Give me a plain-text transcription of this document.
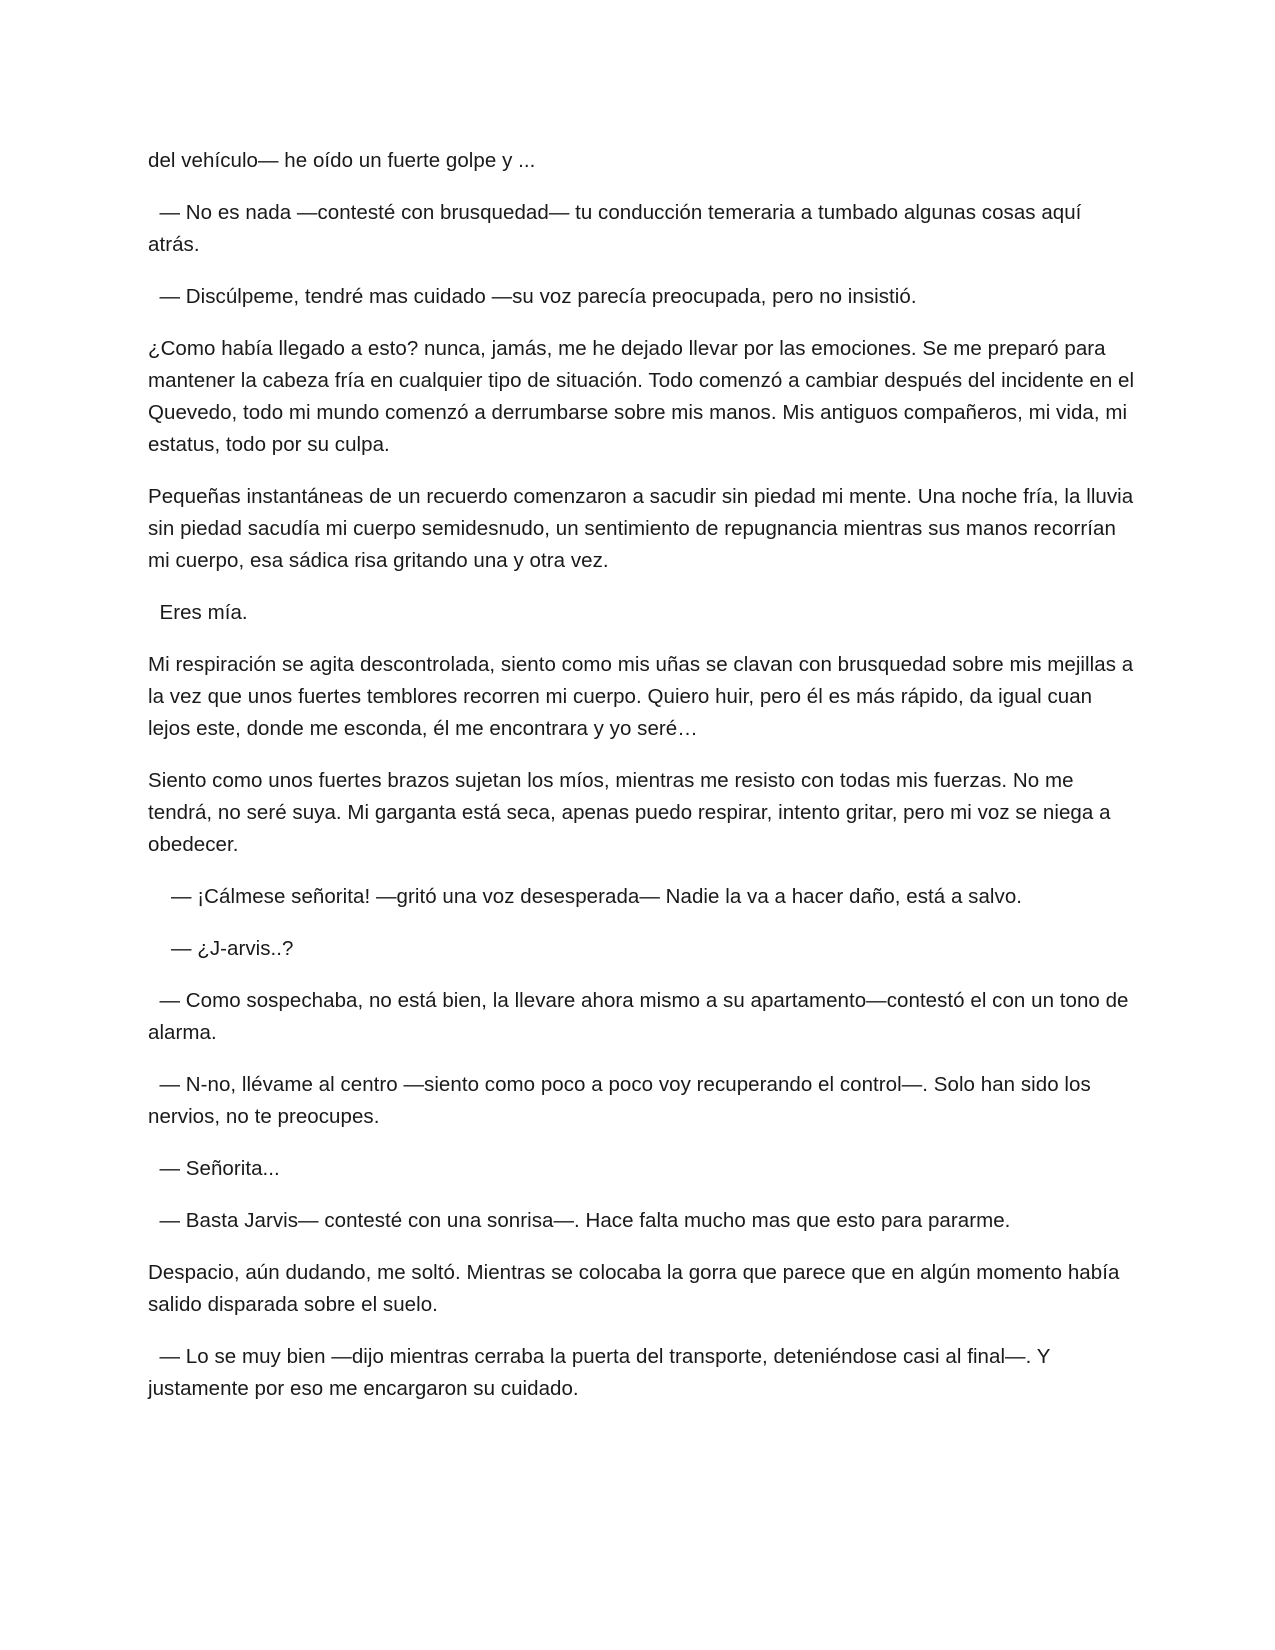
del vehículo— he oído un fuerte golpe y ...

— No es nada —contesté con brusquedad— tu conducción temeraria a tumbado algunas cosas aquí atrás.

— Discúlpeme, tendré mas cuidado —su voz parecía preocupada, pero no insistió.

¿Como había llegado a esto? nunca, jamás, me he dejado llevar por las emociones. Se me preparó para mantener la cabeza fría en cualquier tipo de situación. Todo comenzó a cambiar después del incidente en el Quevedo, todo mi mundo comenzó a derrumbarse sobre mis manos. Mis antiguos compañeros, mi vida, mi estatus, todo por su culpa.

Pequeñas instantáneas de un recuerdo comenzaron a sacudir sin piedad mi mente. Una noche fría, la lluvia sin piedad sacudía mi cuerpo semidesnudo, un sentimiento de repugnancia mientras sus manos recorrían mi cuerpo, esa sádica risa gritando una y otra vez.

Eres mía.

Mi respiración se agita descontrolada, siento como mis uñas se clavan con brusquedad sobre mis mejillas a la vez que unos fuertes temblores recorren mi cuerpo. Quiero huir, pero él es más rápido, da igual cuan lejos este, donde me esconda, él me encontrara y yo seré…

Siento como unos fuertes brazos sujetan los míos, mientras me resisto con todas mis fuerzas. No me tendrá, no seré suya. Mi garganta está seca, apenas puedo respirar, intento gritar, pero mi voz se niega a obedecer.

— ¡Cálmese señorita! —gritó una voz desesperada— Nadie la va a hacer daño, está a salvo.

— ¿J-arvis..?

— Como sospechaba, no está bien, la llevare ahora mismo a su apartamento—contestó el con un tono de alarma.

— N-no, llévame al centro —siento como poco a poco voy recuperando el control—. Solo han sido los nervios, no te preocupes.

— Señorita...

— Basta Jarvis— contesté con una sonrisa—. Hace falta mucho mas que esto para pararme.

Despacio, aún dudando, me soltó. Mientras se colocaba la gorra que parece que en algún momento había salido disparada sobre el suelo.

— Lo se muy bien —dijo mientras cerraba la puerta del transporte, deteniéndose casi al final—. Y justamente por eso me encargaron su cuidado.
